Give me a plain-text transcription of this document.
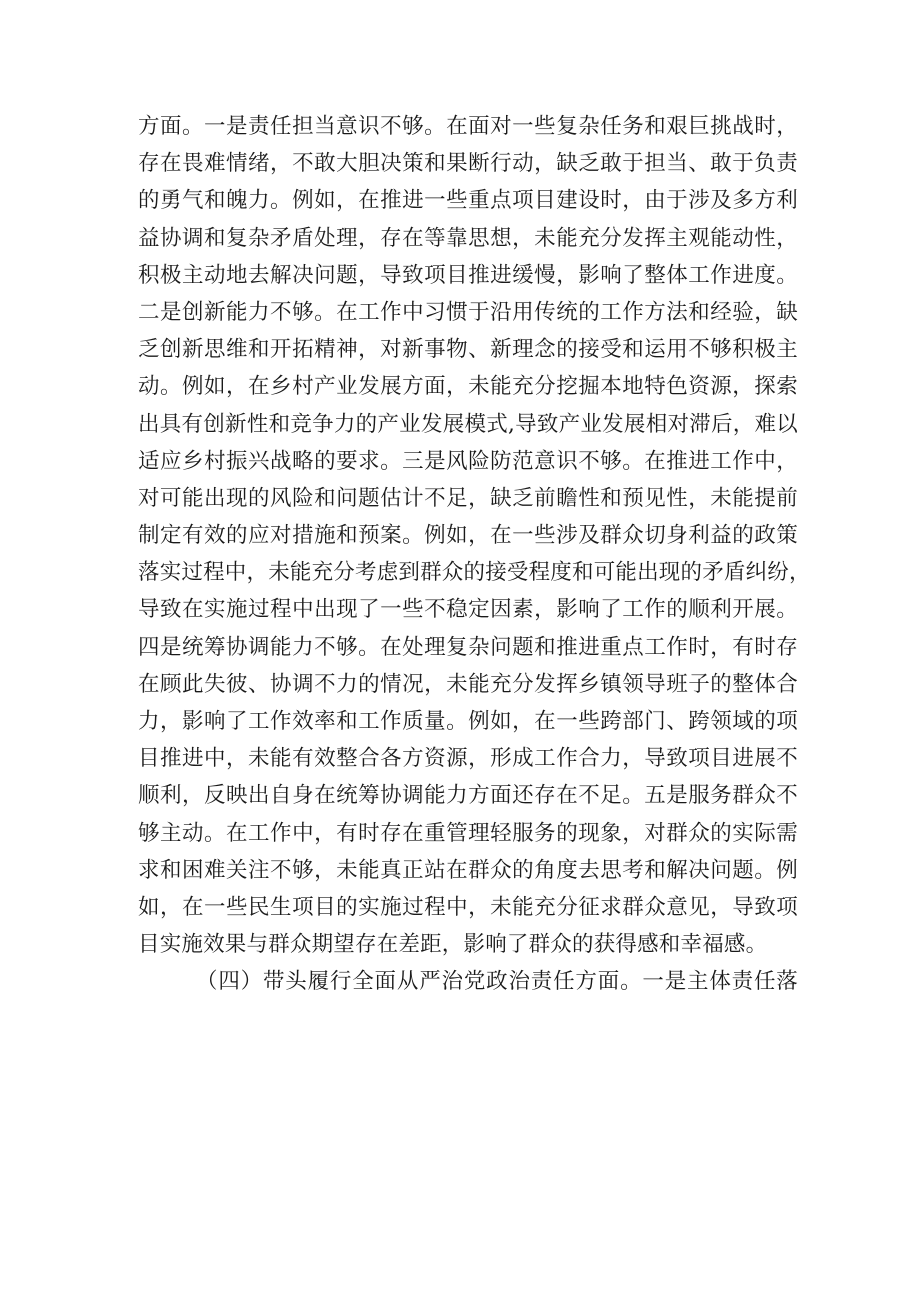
方面。一是责任担当意识不够。在面对一些复杂任务和艰巨挑战时，
存在畏难情绪，不敢大胆决策和果断行动，缺乏敢于担当、敢于负责
的勇气和魄力。例如，在推进一些重点项目建设时，由于涉及多方利
益协调和复杂矛盾处理，存在等靠思想，未能充分发挥主观能动性，
积极主动地去解决问题，导致项目推进缓慢，影响了整体工作进度。
二是创新能力不够。在工作中习惯于沿用传统的工作方法和经验，缺
乏创新思维和开拓精神，对新事物、新理念的接受和运用不够积极主
动。例如，在乡村产业发展方面，未能充分挖掘本地特色资源，探索
出具有创新性和竞争力的产业发展模式,导致产业发展相对滞后，难以
适应乡村振兴战略的要求。三是风险防范意识不够。在推进工作中，
对可能出现的风险和问题估计不足，缺乏前瞻性和预见性，未能提前
制定有效的应对措施和预案。例如，在一些涉及群众切身利益的政策
落实过程中，未能充分考虑到群众的接受程度和可能出现的矛盾纠纷，
导致在实施过程中出现了一些不稳定因素，影响了工作的顺利开展。
四是统筹协调能力不够。在处理复杂问题和推进重点工作时，有时存
在顾此失彼、协调不力的情况，未能充分发挥乡镇领导班子的整体合
力，影响了工作效率和工作质量。例如，在一些跨部门、跨领域的项
目推进中，未能有效整合各方资源，形成工作合力，导致项目进展不
顺利，反映出自身在统筹协调能力方面还存在不足。五是服务群众不
够主动。在工作中，有时存在重管理轻服务的现象，对群众的实际需
求和困难关注不够，未能真正站在群众的角度去思考和解决问题。例
如，在一些民生项目的实施过程中，未能充分征求群众意见，导致项
目实施效果与群众期望存在差距，影响了群众的获得感和幸福感。
（四）带头履行全面从严治党政治责任方面。一是主体责任落
